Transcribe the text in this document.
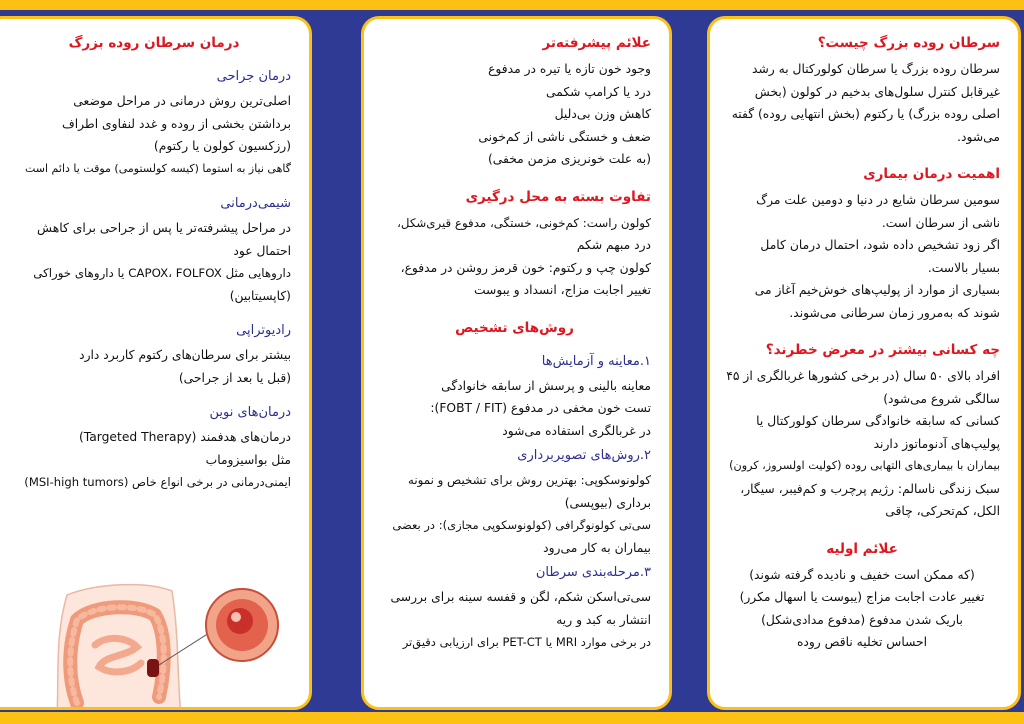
سرطان روده بزرگ چیست؟

سرطان روده بزرگ یا سرطان کولورکتال به رشد

غیرقابل کنترل سلول‌های بدخیم در کولون (بخش

اصلی روده بزرگ) یا رکتوم (بخش انتهایی روده) گفته

می‌شود.

اهمیت درمان بیماری

سومین سرطان شایع در دنیا و دومین علت مرگ

ناشی از سرطان است.

اگر زود تشخیص داده شود، احتمال درمان کامل

بسیار بالاست.

بسیاری از موارد از پولیپ‌های خوش‌خیم آغاز می

شوند که به‌مرور زمان سرطانی می‌شوند.

چه کسانی بیشتر در معرض خطرند؟

افراد بالای ۵۰ سال (در برخی کشورها غربالگری از ۴۵

سالگی شروع می‌شود)

کسانی که سابقه خانوادگی سرطان کولورکتال یا

پولیپ‌های آدنوماتوز دارند

بیماران با بیماری‌های التهابی روده (کولیت اولسروز، کرون)

سبک زندگی ناسالم: رژیم پرچرب و کم‌فیبر، سیگار،

الکل، کم‌تحرکی، چاقی

علائم اولیه

(که ممکن است خفیف و نادیده گرفته شوند)

تغییر عادت اجابت مزاج (یبوست یا اسهال مکرر)

باریک شدن مدفوع (مدفوع مدادی‌شکل)

احساس تخلیه ناقص روده

علائم پیشرفته‌تر

وجود خون تازه یا تیره در مدفوع

درد یا کرامپ شکمی

کاهش وزن بی‌دلیل

ضعف و خستگی ناشی از کم‌خونی

(به علت خونریزی مزمن مخفی)

تفاوت بسته به محل درگیری

کولون راست: کم‌خونی، خستگی، مدفوع قیری‌شکل،

درد مبهم شکم

کولون چپ و رکتوم: خون قرمز روشن در مدفوع،

تغییر اجابت مزاج، انسداد و یبوست

روش‌های تشخیص
۱.معاینه و آزمایش‌ها

معاینه بالینی و پرسش از سابقه خانوادگی

تست خون مخفی در مدفوع (FOBT / FIT):

در غربالگری استفاده می‌شود

۲.روش‌های تصویربرداری

کولونوسکوپی: بهترین روش برای تشخیص و نمونه

برداری (بیوپسی)

سی‌تی کولونوگرافی (کولونوسکوپی مجازی): در بعضی

بیماران به کار می‌رود

۳.مرحله‌بندی سرطان

سی‌تی‌اسکن شکم، لگن و قفسه سینه برای بررسی

انتشار به کبد و ریه

در برخی موارد MRI یا PET-CT برای ارزیابی دقیق‌تر

درمان سرطان روده بزرگ
درمان جراحی

اصلی‌ترین روش درمانی در مراحل موضعی

برداشتن بخشی از روده و غدد لنفاوی اطراف

(رزکسیون کولون یا رکتوم)

گاهی نیاز به استوما (کیسه کولستومی) موقت یا دائم است

شیمی‌درمانی

در مراحل پیشرفته‌تر یا پس از جراحی برای کاهش

احتمال عود

داروهایی مثل CAPOX، FOLFOX یا داروهای خوراکی

(کاپسیتابین)

رادیوتراپی

بیشتر برای سرطان‌های رکتوم کاربرد دارد

(قبل یا بعد از جراحی)

درمان‌های نوین

درمان‌های هدفمند (Targeted Therapy)

مثل بواسیزوماب

ایمنی‌درمانی در برخی انواع خاص (MSI-high tumors)
